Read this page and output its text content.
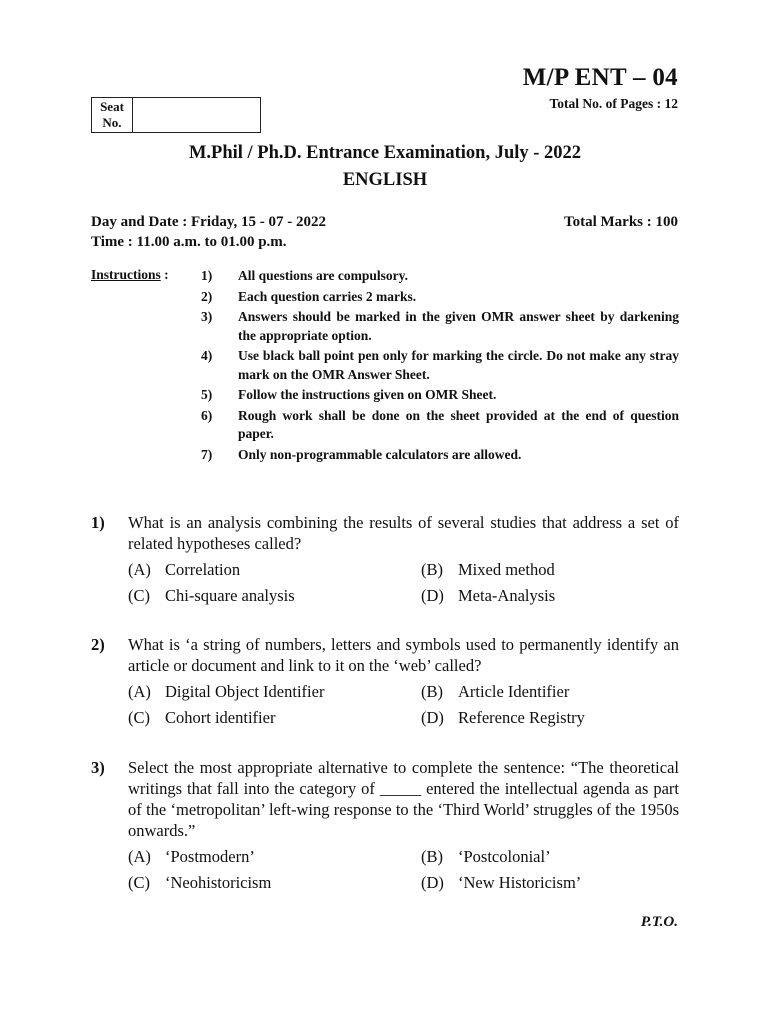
M/P ENT – 04
Total No. of Pages : 12
Seat
No.
M.Phil / Ph.D. Entrance Examination, July - 2022
ENGLISH
Day and Date : Friday, 15 - 07 - 2022
Time : 11.00 a.m. to 01.00 p.m.
Total Marks : 100
Instructions : 1)	All questions are compulsory.
2)	Each question carries 2 marks.
3)	Answers should be marked in the given OMR answer sheet by darkening the appropriate option.
4)	Use black ball point pen only for marking the circle. Do not make any stray mark on the OMR Answer Sheet.
5)	Follow the instructions given on OMR Sheet.
6)	Rough work shall be done on the sheet provided at the end of question paper.
7)	Only non-programmable calculators are allowed.
1)	What is an analysis combining the results of several studies that address a set of related hypotheses called?
(A) Correlation	(B) Mixed method
(C) Chi-square analysis	(D) Meta-Analysis
2)	What is ‘a string of numbers, letters and symbols used to permanently identify an article or document and link to it on the ‘web’ called?
(A) Digital Object Identifier	(B) Article Identifier
(C) Cohort identifier	(D) Reference Registry
3)	Select the most appropriate alternative to complete the sentence: “The theoretical writings that fall into the category of _____ entered the intellectual agenda as part of the ‘metropolitan’ left-wing response to the ‘Third World’ struggles of the 1950s onwards.”
(A) ‘Postmodern’	(B) ‘Postcolonial’
(C) ‘Neohistoricism	(D) ‘New Historicism’
P.T.O.
